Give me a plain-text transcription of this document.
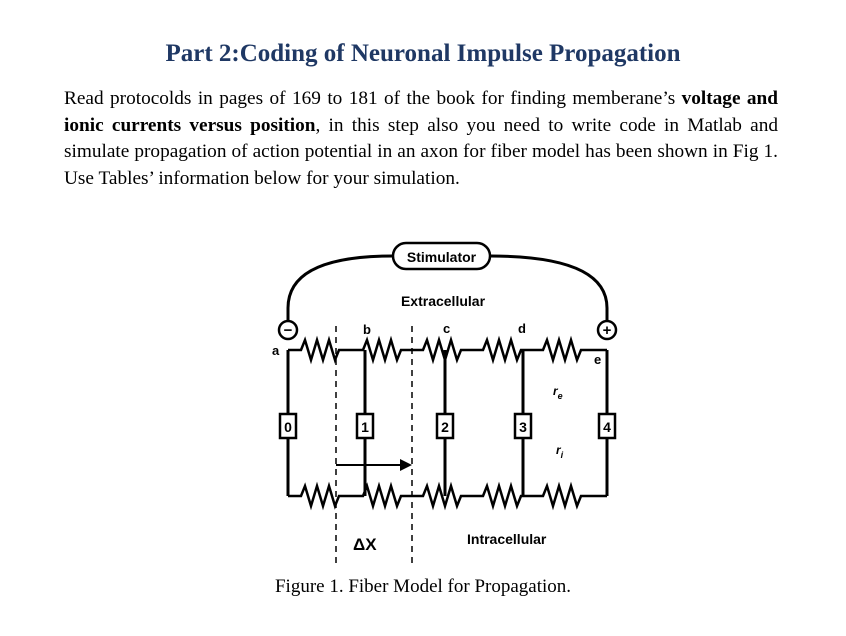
Part 2:Coding of Neuronal Impulse Propagation
Read protocolds in pages of 169 to 181 of the book for finding memberane’s voltage and ionic currents versus position, in this step also you need to write code in Matlab and simulate propagation of action potential in an axon for fiber model has been shown in Fig 1. Use Tables’ information below for your simulation.
Stimulator
Extracellular
0	1	2	3	4
−	+
a
b	c	d
e
$r_e$
$r_i$
ΔX	Intracellular
Figure 1. Fiber Model for Propagation.
